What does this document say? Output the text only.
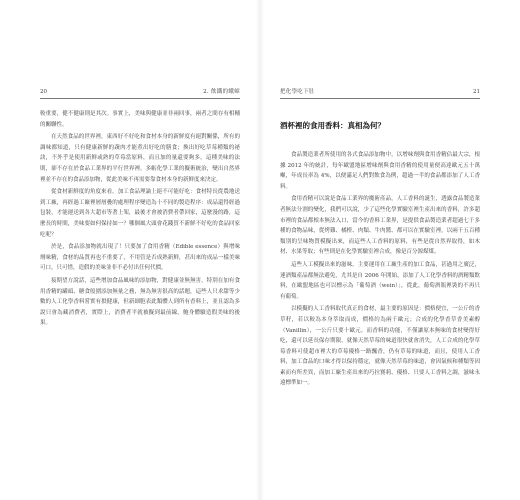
20	2. 飲鐵的蛾蟑

較重要，健不健康則是其次。事實上，美味與健康並非兩回事，兩者之間存有相輔的關聯性。

在天然食品的世界裡，東西好不好吃和食材本身的新鮮度有絕對關係，所有的調味都知道，只有健康新鮮的蔬肉才能煮出好吃的膳食；換出好吃草莓種類的祕訣，不外乎是使用新鮮或熟的草莓當原料，而且加的量還要夠多，這種美味的法則，卻不存在於食品工業界的平行世界裡。多虧化學工業的擬術統治，變出自然界裡並不存在的食品添加物，從此美味不再需要靠食材本身的新鮮度來決定。

從食材新鮮度的角度來看，加工食品理論上絕不可能好吃：食材特長從農地送到工廠，再經過工廠裡層層疊的處理程序變造為十不同的製造程序：成品還得經過包裝，才能運送到各大超市等著上架，最後才會被消費者帶回家，這麼漫的路，這麼長的時間，美味要如何保持如一？哪個風大頭會花錢買不新鮮不好吃的食品回家吃呢？

於是，食品添加物就出現了！只要加了食用香精（Edible essence）與增味劑味精，食材的品質再也不重要了，不用管是否成熟新鮮，甚出來的成品一樣美味可口，只可惜，造假的美味並非不必付出任何代價。

接期望方說話，這些增加食品風味的添加物，對健康並無無害，特別在加有食用香精的罐頭、糖食般圍添加無量之務，無為無害很高的話題，這些人只求甜等少數的人工化學香料嘗實有損健康，但新細胞表此類體人到所有香料上，並且認為多說只會為藏消費者，實際上，消費者平就被擬到最前線，鮑身體驗造假美味的後果。

把化學吃下肚	21
酒杯裡的食用香料：真相為何？

食品製造業者所使用的各式食品添加物中，以增味劑與食用香精佔最大宗，根據 2012 年的統計，每年歐盟地區增味劑與食用香精的使用量便高達歐元五十萬噸，年成長率為 4%，以便滿足人們對飲食為例，超過一半的食品都添加了人工香料。

食用香精可以說是食品工業界的魔術產品，人工香料的誕生，透露食品製造業者無法分割的變化，我們可以說，少了這些化學實驗室裡生產出來的香料，許多超市裡的食品都根本無法入口，當今的香料工業界，是提供食品製造業者超過七千多種的食物品味，從烤雞、橘橙、肉類、牛肉醬、都可以在實驗室裡，以兩千五百種類別的呈味物質模擬出來，而這些人工香料的原料，有些是從自然界取得，如木材、水果等取；有些則是在化學實驗室裡合成，像是百分源煤煤。

這些人工模擬出來的滋味，主要運用在工廠生產的加工食品，甚過用之廣泛，連酒類產品都無法避免，尤其是自 2006 年開始，添加了人工化學香料的酒精類飲料，在歐盟地區也可以標示為「葡萄酒（wein）」，從此，葡萄酒瓶裡裝的不再只有葡萄。

以模擬的人工香料取代真正的食材，最主要的原因是：價格便宜，一公斤的香草籽，若以較為本身萃取而成，價格約為兩千歐元；合成的化學香草香美素醇（Vanillin），一公斤只要十歐元。而香料的功能，不僅讓原本無味的食材變得好吃，還可以延長保存期限，就像天然草莓的味道很快就會消失，人工合成的化學草莓香料可使超市裡大的草莓優格一路飄香，仍有草莓的味道，而且，使用人工香料，加工食品的口味才得以保持穩定，就像天然草莓的味道，會因氣候和種類等因素而有所差異，而加工廠生產出來的巧拉賽莉、優格、只要人工香料之調，滋味永遠標準如一。
